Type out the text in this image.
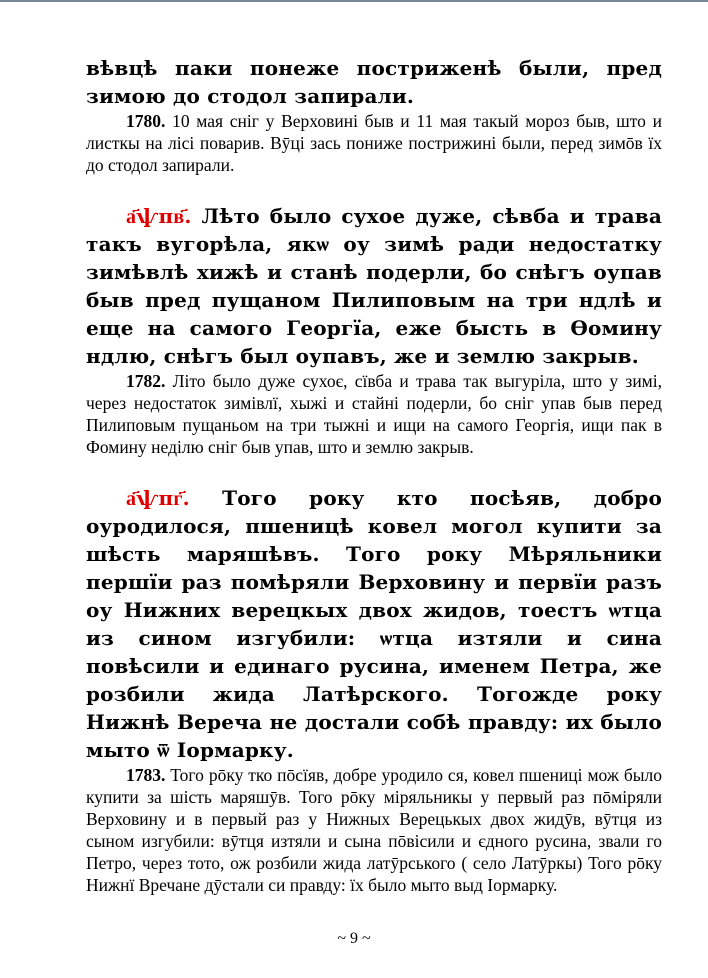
вѣвцѣ паки понеже постриженѣ были, пред зимою до стодол запирали.

1780. 10 мая сніг у Верховині быв и 11 мая такый мороз быв, што и листкы на лісі поварив. Вӯці зась пониже пострижині были, перед зимōв їх до стодол запирали.

а҃ѱпв҃. Лѣто было сухое дуже, сѣвба и трава такъ вугорѣла, якѡ оу зимѣ ради недостатку зимѣвлѣ хижѣ и станѣ подерли, бо снѣгъ оупав быв пред пущаном Пилиповым на три ндлѣ и еще на самого Георгїа, еже бысть в Ѳомину ндлю, снѣгъ был оупавъ, же и землю закрыв.

1782. Літо было дуже сухоє, сївба и трава так выгуріла, што у зимі, через недостаток зимівлї, хыжі и стайні подерли, бо сніг упав быв перед Пилиповым пущаньом на три тыжні и ищи на самого Георгія, ищи пак в Фомину неділю сніг быв упав, што и землю закрыв.

а҃ѱпг҃. Того року кто посѣяв, добро оуродилося, пшеницѣ ковел могол купити за шѣсть маряшѣвъ. Того року Мѣряльники першїи раз помѣряли Верховину и первїи разъ оу Нижних верецкых двох жидов, тоестъ ѡтца из сином изгубили: ѡтца изтяли и сина повѣсили и единаго русина, именем Петра, же розбили жида Латѣрского. Тогожде року Нижнѣ Вереча не достали собѣ правду: их было мыто ѿ Іормарку.

1783. Того рōку тко пōсїяв, добре уродило ся, ковел пшениці мож было купити за шість маряшӯв. Того рōку міряльникы у первый раз пōміряли Верховину и в первый раз у Нижных Верецькых двох жидӯв, вӯтця из сыном изгубили: вӯтця изтяли и сына пōвісили и єдного русина, звали го Петро, через тото, ож розбили жида латӯрського ( село Латӯркы) Того рōку Нижнї Вречане дӯстали си правду: їх было мыто выд Іормарку.

~ 9 ~
